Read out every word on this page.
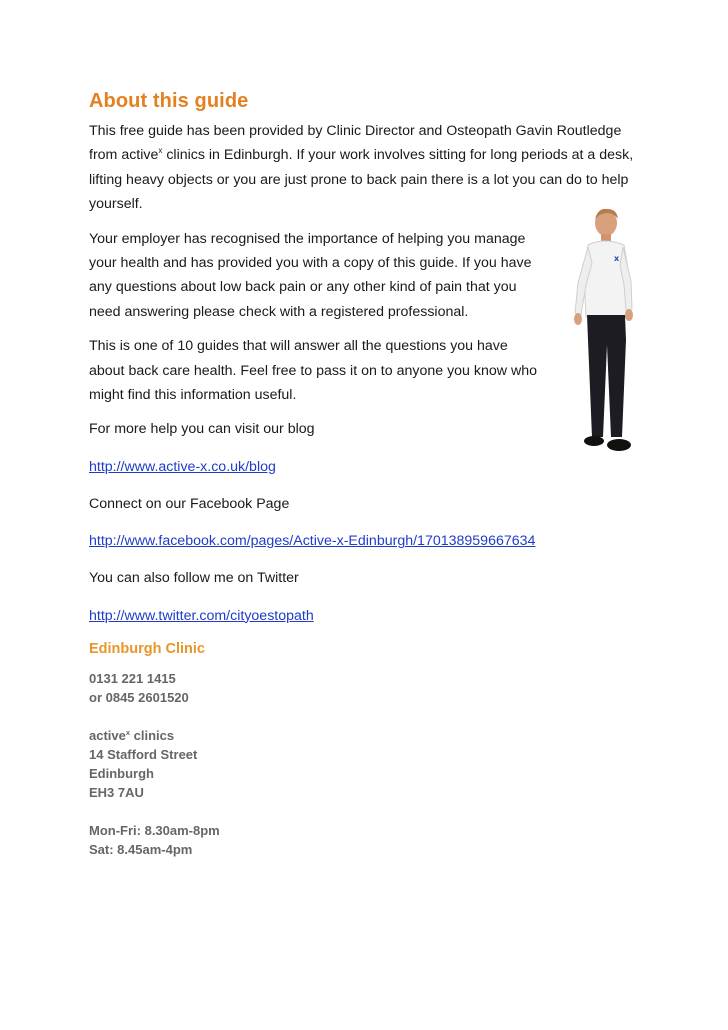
About this guide

This free guide has been provided by Clinic Director and Osteopath Gavin Routledge from active$^x$ clinics in Edinburgh. If your work involves sitting for long periods at a desk, lifting heavy objects or you are just prone to back pain there is a lot you can do to help yourself.

Your employer has recognised the importance of helping you manage your health and has provided you with a copy of this guide. If you have any questions about low back pain or any other kind of pain that you need answering please check with a registered professional.

This is one of 10 guides that will answer all the questions you have about back care health. Feel free to pass it on to anyone you know who might find this information useful.

For more help you can visit our blog

http://www.active-x.co.uk/blog

Connect on our Facebook Page

http://www.facebook.com/pages/Active-x-Edinburgh/170138959667634

You can also follow me on Twitter

http://www.twitter.com/cityoestopath
Edinburgh Clinic
0131 221 1415
or 0845 2601520
active$^x$ clinics
14 Stafford Street
Edinburgh
EH3 7AU
Mon-Fri: 8.30am-8pm
Sat: 8.45am-4pm
x
